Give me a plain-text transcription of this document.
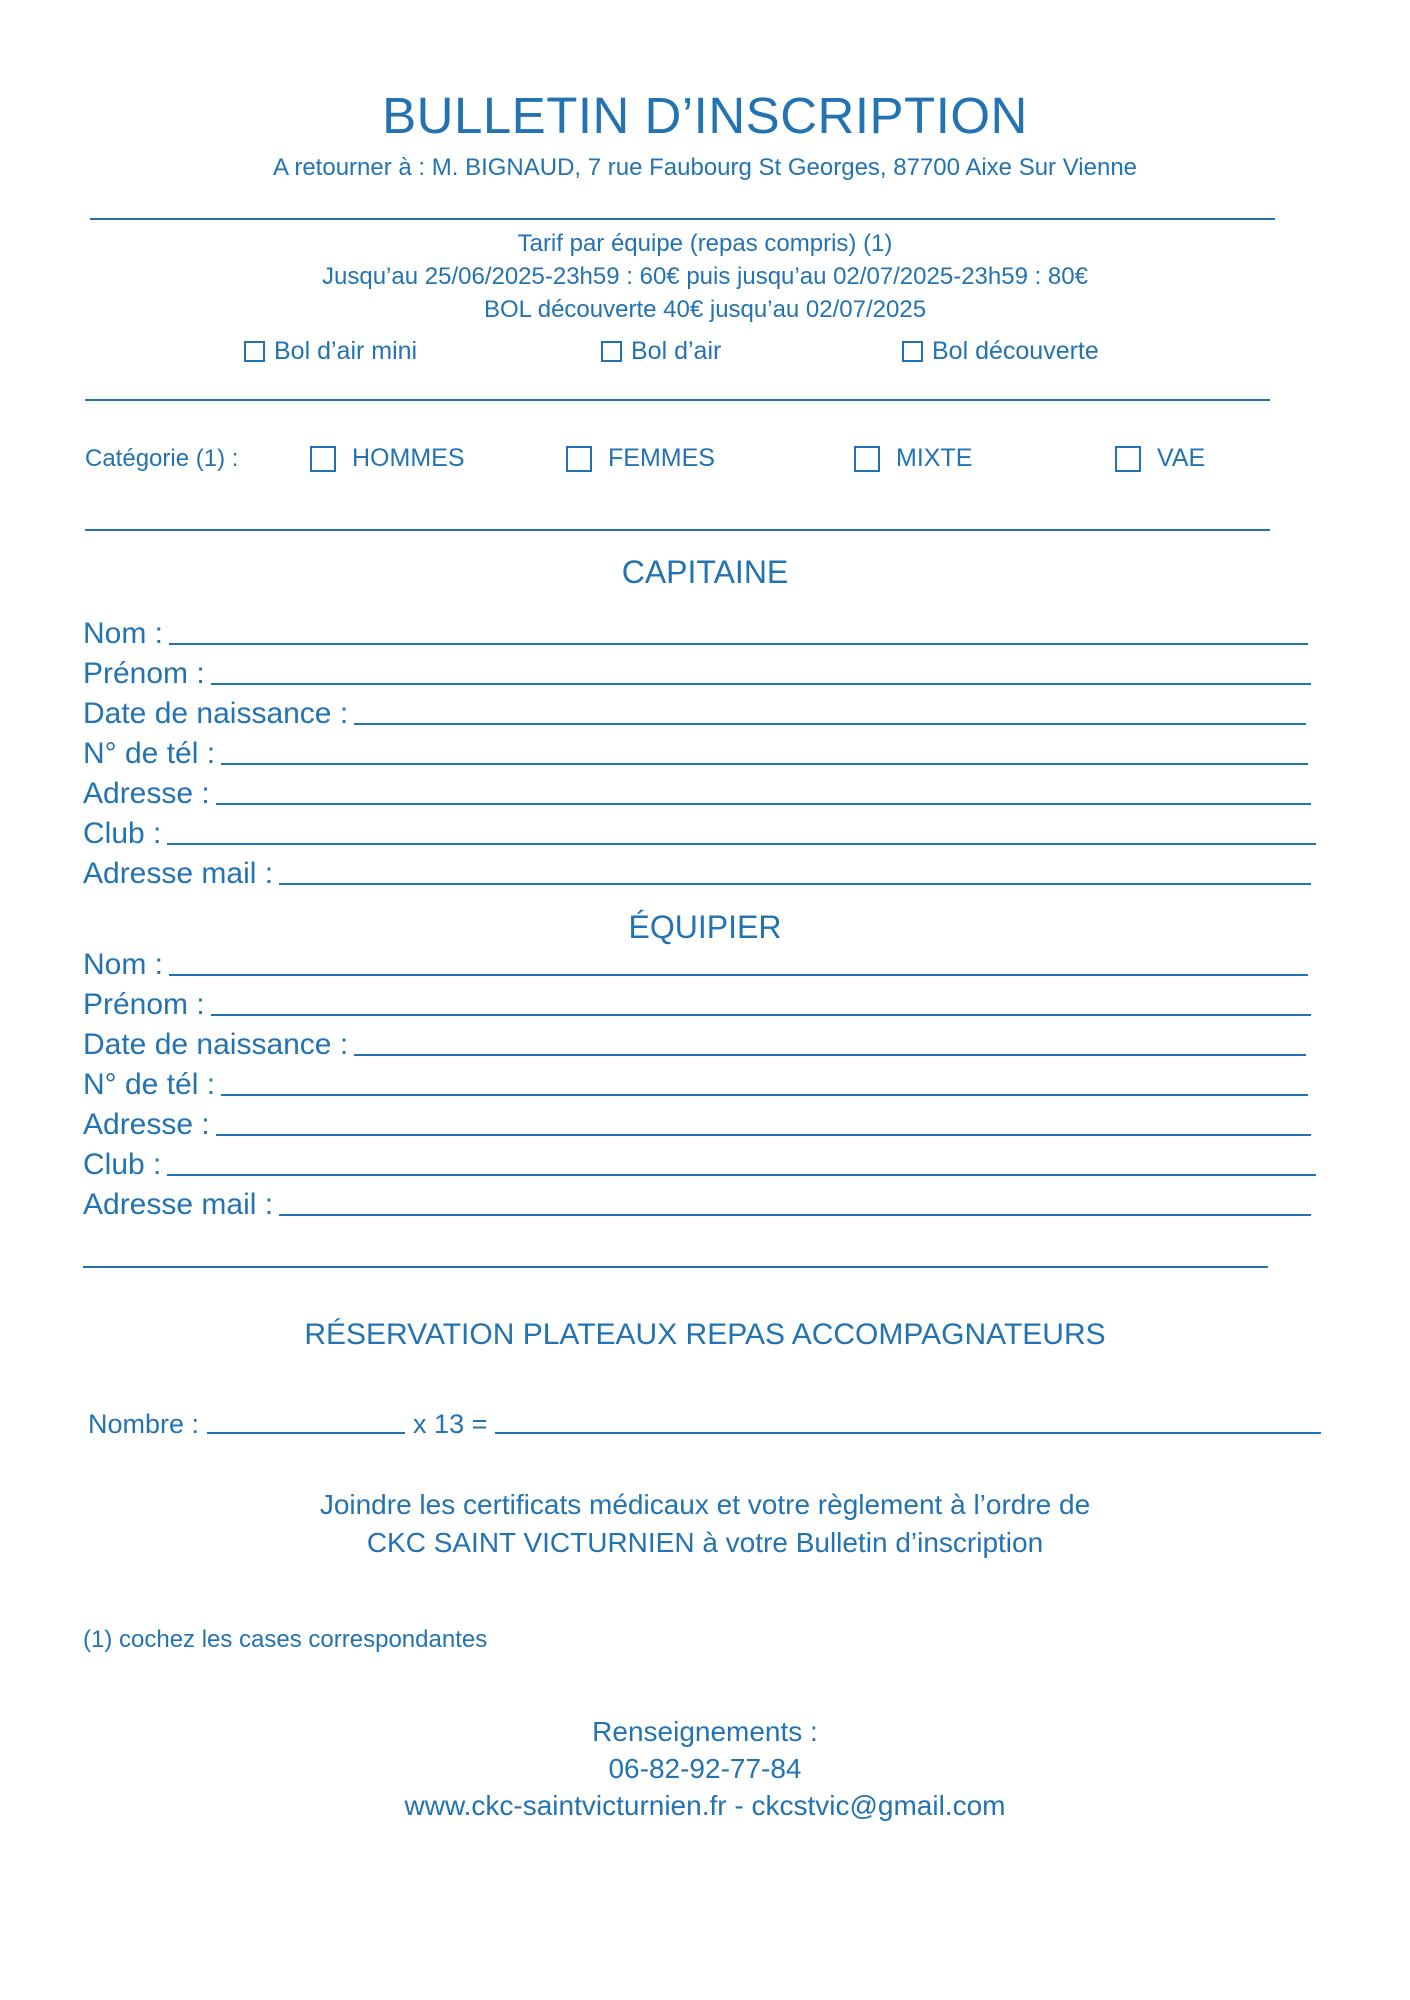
BULLETIN D’INSCRIPTION
A retourner à : M. BIGNAUD, 7 rue Faubourg St Georges, 87700 Aixe Sur Vienne
Tarif par équipe (repas compris) (1)
Jusqu’au 25/06/2025-23h59 : 60€ puis jusqu’au 02/07/2025-23h59 : 80€
BOL découverte 40€ jusqu’au 02/07/2025
Bol d’air mini	Bol d’air	Bol découverte
Catégorie (1) :	HOMMES	FEMMES	MIXTE	VAE
CAPITAINE
Nom :
Prénom :
Date de naissance :
N° de tél :
Adresse :
Club :
Adresse mail :
ÉQUIPIER
Nom :
Prénom :
Date de naissance :
N° de tél :
Adresse :
Club :
Adresse mail :
RÉSERVATION PLATEAUX REPAS ACCOMPAGNATEURS
Nombre :	x 13 =
Joindre les certificats médicaux et votre règlement à l’ordre de
CKC SAINT VICTURNIEN à votre Bulletin d’inscription
(1) cochez les cases correspondantes
Renseignements :
06-82-92-77-84
www.ckc-saintvicturnien.fr - ckcstvic@gmail.com
